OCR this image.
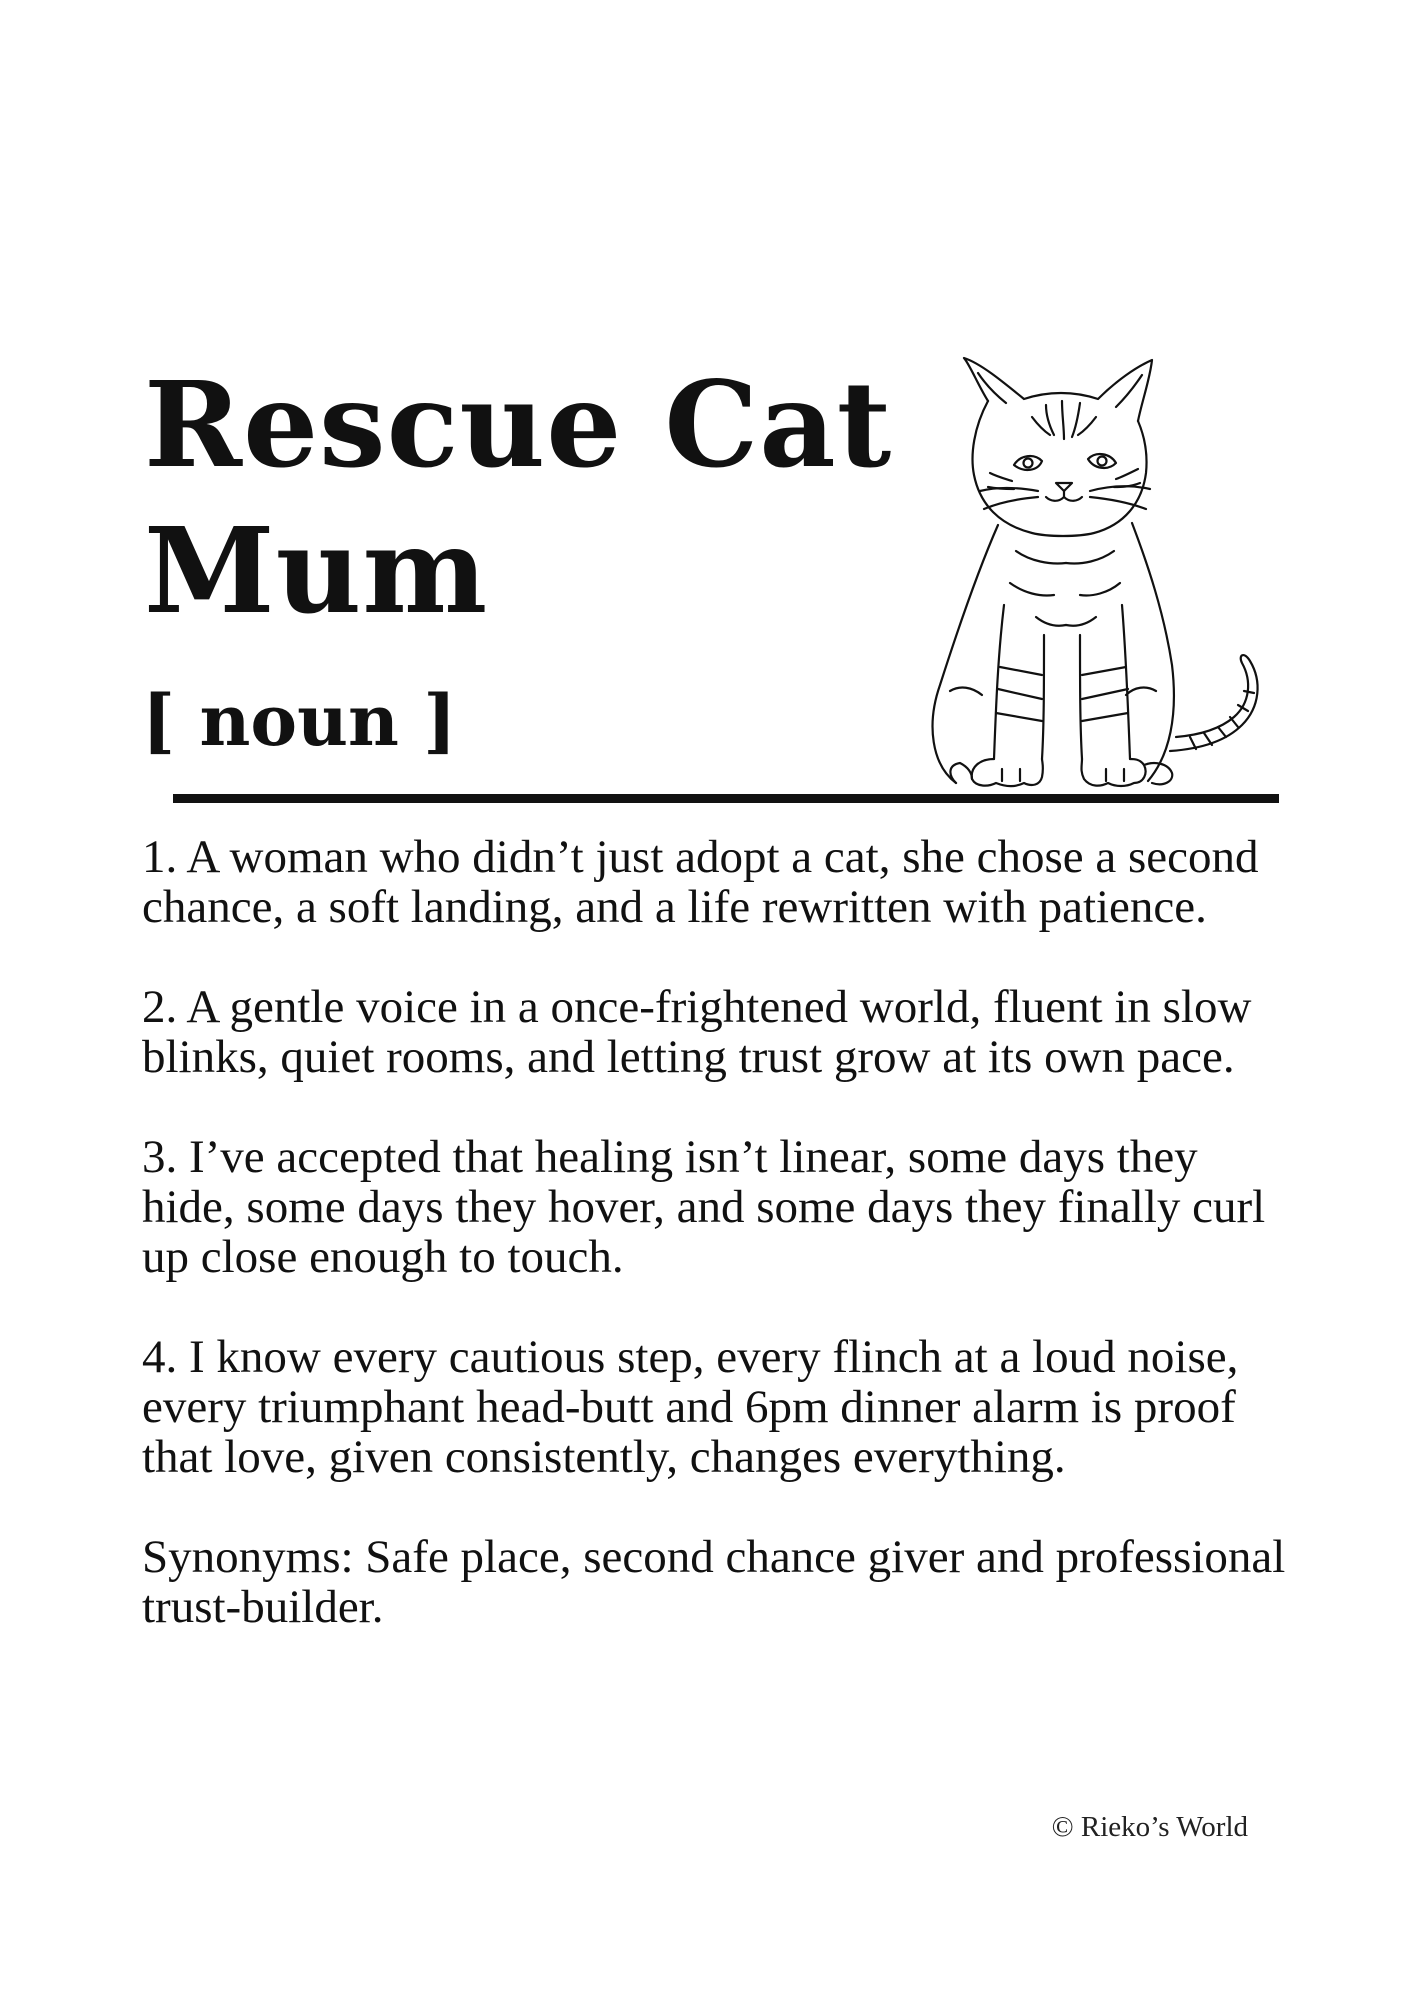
Rescue Cat
Mum
[ noun ]

1. A woman who didn’t just adopt a cat, she chose a second chance, a soft landing, and a life rewritten with patience.

2. A gentle voice in a once-frightened world, fluent in slow blinks, quiet rooms, and letting trust grow at its own pace.

3. I’ve accepted that healing isn’t linear, some days they hide, some days they hover, and some days they finally curl up close enough to touch.

4. I know every cautious step, every flinch at a loud noise, every triumphant head-butt and 6pm dinner alarm is proof that love, given consistently, changes everything.

Synonyms: Safe place, second chance giver and professional trust-builder.

© Rieko’s World
